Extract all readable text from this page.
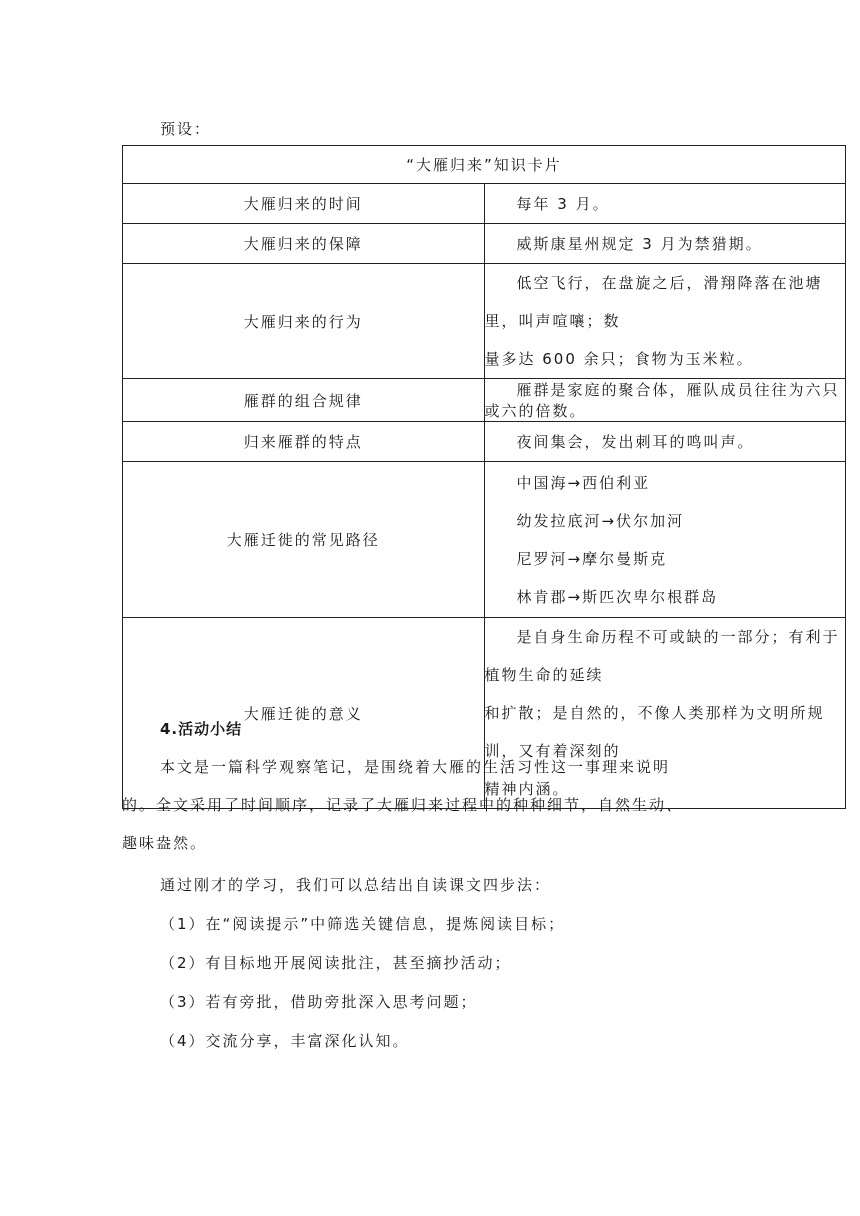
预设：
“大雁归来”知识卡片	
大雁归来的时间	每年 3 月。
大雁归来的保障	威斯康星州规定 3 月为禁猎期。
大雁归来的行为	低空飞行，在盘旋之后，滑翔降落在池塘里，叫声喧嚷；数
量多达 600 余只；食物为玉米粒。

雁群的组合规律	雁群是家庭的聚合体，雁队成员往往为六只或六的倍数。
归来雁群的特点	夜间集会，发出刺耳的鸣叫声。
大雁迁徙的常见路径	中国海→西伯利亚
幼发拉底河→伏尔加河
尼罗河→摩尔曼斯克
林肯郡→斯匹次卑尔根群岛

大雁迁徙的意义	是自身生命历程不可或缺的一部分；有利于植物生命的延续
和扩散；是自然的，不像人类那样为文明所规训，又有着深刻的
精神内涵。
4.活动小结
本文是一篇科学观察笔记，是围绕着大雁的生活习性这一事理来说明
的。全文采用了时间顺序，记录了大雁归来过程中的种种细节，自然生动、
趣味盎然。
通过刚才的学习，我们可以总结出自读课文四步法：
（1）在“阅读提示”中筛选关键信息，提炼阅读目标；
（2）有目标地开展阅读批注，甚至摘抄活动；
（3）若有旁批，借助旁批深入思考问题；
（4）交流分享，丰富深化认知。
